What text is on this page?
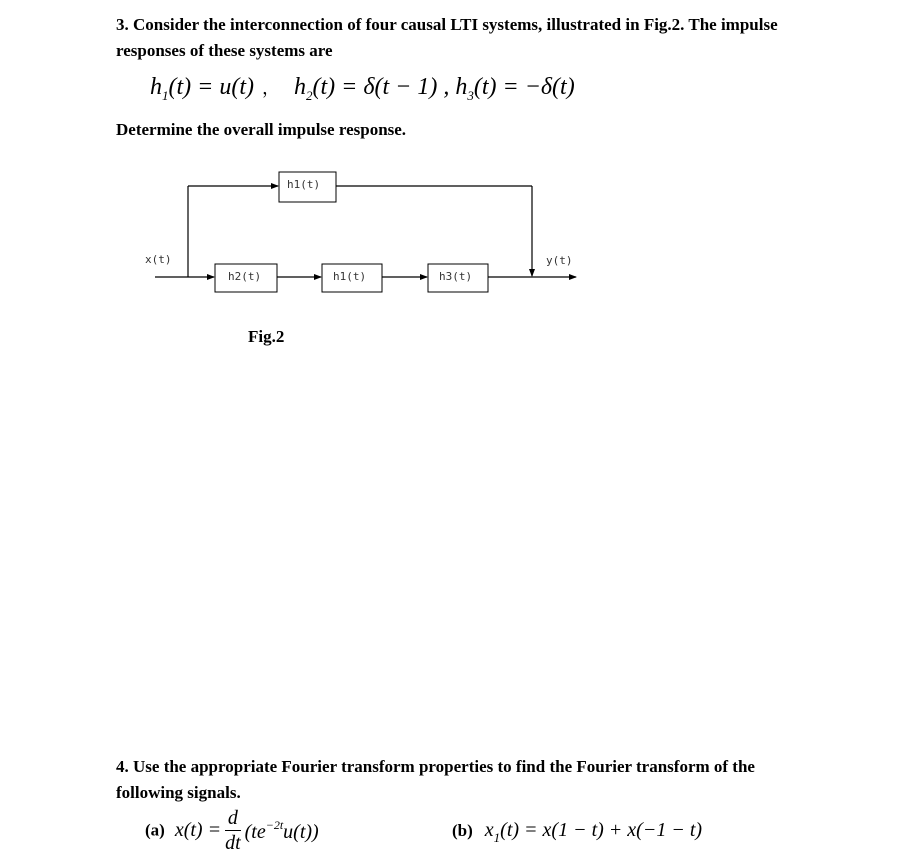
3. Consider the interconnection of four causal LTI systems, illustrated in Fig.2. The impulse
responses of these systems are
$h_1(t) = u(t)$ ， $h_2(t) = \delta(t - 1)$ , $h_3(t) = -\delta(t)$
Determine the overall impulse response.
x(t)	y(t)
h1(t)
h2(t)	h1(t)	h3(t)
Fig.2
4. Use the appropriate Fourier transform properties to find the Fourier transform of the
following signals.
(a) $x(t) = \frac{d}{dt} (te^{-2t}u(t))$	(b) $x_1(t) = x(1 - t) + x(-1 - t)$
